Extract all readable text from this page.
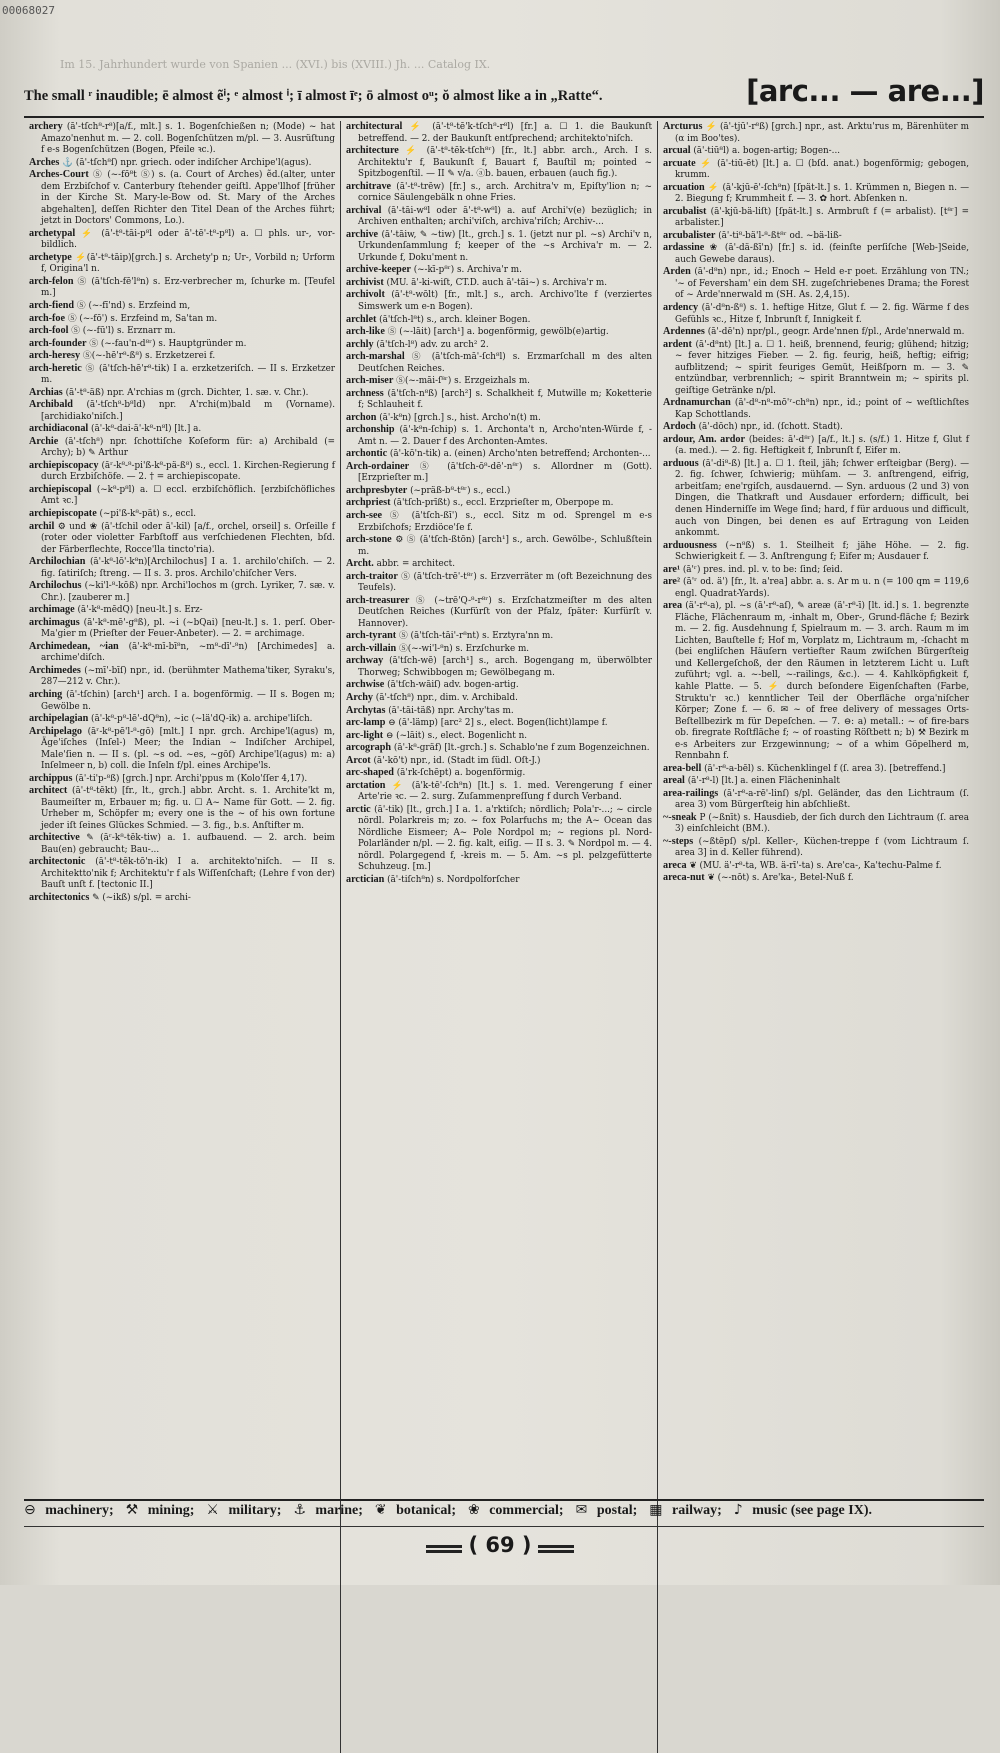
00068027
Im 15. Jahrhundert wurde von Spanien ... (XVI.) bis (XVIII.) Jh. ... Catalog IX.
The small ʳ inaudible; ē almost ẽⁱ; ᵉ almost ⁱ; ī almost īᵉ; ō almost oᵘ; ŏ almost like a in „Ratte“.	[arc... — are...]

archery (ā'-tſch⁸-r⁸)[a/f., mlt.] s. 1. Bogenſchießen n; (Mode) ~ hat Amazo'nenhut m. — 2. coll. Bogenſchützen m/pl. — 3. Ausrüſtung f e-s Bogenſchützen (Bogen, Pfeile ꝛc.).

Arches ⚓ (ā'-tſch⁸ſ) npr. griech. oder indiſcher Archipe'l(agus).

Arches-Court Ⓢ (~-fō⁸t Ⓢ) s. (a. Court of Arches) ẽd.(alter, unter dem Erzbiſchof v. Canterbury ſtehender geiſtl. Appe'llhof [früher in der Kirche St. Mary-le-Bow od. St. Mary of the Arches abgehalten], deſſen Richter den Titel Dean of the Arches führt; jetzt in Doctors' Commons, Lo.).

archetypal ⚡ (ā'-t⁸-tāi-p⁸l oder ā'-tē'-t⁸-p⁸l) a. ☐ phls. ur-, vor-bildlich.

archetype ⚡(ā'-t⁸-tāip)[grch.] s. Archety'p n; Ur-, Vorbild n; Urform f, Origina'l n.

arch-felon Ⓢ (ā'tſch-fē'l⁸n) s. Erz-verbrecher m, ſchurke m. [Teufel m.]

arch-fiend Ⓢ (~-fī'nd) s. Erzfeind m,

arch-foe Ⓢ (~-fō') s. Erzfeind m, Sa'tan m.

arch-fool Ⓢ (~-fū'l) s. Erznarr m.

arch-founder Ⓢ (~-fau'n-d⁸ʳ) s. Hauptgründer m.

arch-heresy Ⓢ(~-hē'r⁸-ß⁸) s. Erzketzerei f.

arch-heretic Ⓢ (ā'tſch-hē'r⁸-tik) I a. erzketzeriſch. — II s. Erzketzer m.

Archias (ā'-t⁸-äß) npr. A'rchias m (grch. Dichter, 1. sæ. v. Chr.).

Archibald (ā'-tſch⁸-b⁸ld) npr. A'rchi(m)bald m (Vorname). [archidiako'niſch.]

archidiaconal (ā'-k⁸-dai-ä'-k⁸-n⁸l) [lt.] a.

Archie (ā'-tſch⁸) npr. ſchottiſche Koſeform für: a) Archibald (= Archy); b) ✎ Arthur

archiepiscopacy (āʳ-k⁸-⁸-pi'ß-k⁸-pä-ß⁸) s., eccl. 1. Kirchen-Regierung f durch Erzbiſchöfe. — 2. † = archiepiscopate.

archiepiscopal (~k⁸-p⁸l) a. ☐ eccl. erzbiſchöflich. [erzbiſchöfliches Amt ꝛc.]

archiepiscopate (~pi'ß-k⁸-pät) s., eccl.

archil ⚙ und ❀ (ā'-tſchil oder ā'-kil) [a/f., orchel, orseil] s. Orſeille f (roter oder violetter Farbſtoff aus verſchiedenen Flechten, bſd. der Färberflechte, Rocce'lla tincto'ria).

Archilochian (ā'-k⁸-lō'-k⁸n)[Archilochus] I a. 1. archilo'chiſch. — 2. fig. ſatiriſch; ſtreng. — II s. 3. pros. Archilo'chiſcher Vers.

Archilochus (~ki'l-⁸-kōß) npr. Archi'lochos m (grch. Lyriker, 7. sæ. v. Chr.). [zauberer m.]

archimage (ā'-k⁸-mēdQ) [neu-lt.] s. Erz-

archimagus (ā'-k⁸-mē'-g⁸ß), pl. ~i (~bQai) [neu-lt.] s. 1. perſ. Ober-Ma'gier m (Prieſter der Feuer-Anbeter). — 2. = archimage.

Archimedean, ~ian (ā'-k⁸-mī-bī⁸n, ~m⁸-dī'-⁸n) [Archimedes] a. archime'diſch.

Archimedes (~mī'-bīſ) npr., id. (berühmter Mathema'tiker, Syraku's, 287—212 v. Chr.).

arching (ā'-tſchin) [arch¹] arch. I a. bogenförmig. — II s. Bogen m; Gewölbe n.

archipelagian (ā'-k⁸-p⁸-lē'-dQ⁸n), ~ic (~lä'dQ-ik) a. archipe'liſch.

Archipelago (āʳ-k⁸-pē'l-⁸-gō) [mlt.] I npr. grch. Archipe'l(agus) m, Äge'iſches (Inſel-) Meer; the Indian ~ Indiſcher Archipel, Male'ſien n. — II s. (pl. ~s od. ~es, ~gōſ) Archipe'l(agus) m: a) Inſelmeer n, b) coll. die Inſeln f/pl. eines Archipe'ls.

archippus (ā'-ti'p-⁸ß) [grch.] npr. Archi'ppus m (Kolo'ſſer 4,17).

architect (ā'-t⁸-tēkt) [fr., lt., grch.] abbr. Archt. s. 1. Archite'kt m, Baumeiſter m, Erbauer m; fig. u. ☐ A~ Name für Gott. — 2. fig. Urheber m, Schöpfer m; every one is the ~ of his own fortune jeder iſt ſeines Glückes Schmied. — 3. fig., b.s. Anſtifter m.

architective ✎ (āʳ-k⁸-tēk-tiw) a. 1. aufbauend. — 2. arch. beim Bau(en) gebraucht; Bau-...

architectonic (ā'-t⁸-tēk-tō'n-ik) I a. architekto'niſch. — II s. Architektto'nik f; Architektu'r f als Wiſſenſchaft; (Lehre f von der) Bauſt unſt f. [tectonic II.]

architectonics ✎ (~ikß) s/pl. = archi-

architectural ⚡ (ā'-t⁸-tē'k-tſch⁸-r⁸l) [fr.] a. ☐ 1. die Baukunſt betreffend. — 2. der Baukunſt entſprechend; architekto'niſch.

architecture ⚡ (ā'-t⁸-tēk-tſch⁸ʳ) [fr., lt.] abbr. arch., Arch. I s. Architektu'r f, Baukunſt f, Bauart f, Bauſtil m; pointed ~ Spitzbogenſtil. — II ✎ v/a. ⓐb. bauen, erbauen (auch fig.).

architrave (ā'-t⁸-trēw) [fr.] s., arch. Architra'v m, Epiſty'lion n; ~ cornice Säulengebälk n ohne Fries.

archival (ā'-tāi-w⁸l oder ā'-t⁸-w⁸l) a. auf Archi'v(e) bezüglich; in Archiven enthalten; archi'viſch, archiva'riſch; Archiv-...

archive (ā'-tāiw, ✎ ~tiw) [lt., grch.] s. 1. (jetzt nur pl. ~s) Archi'v n, Urkundenſammlung f; keeper of the ~s Archiva'r m. — 2. Urkunde f, Doku'ment n.

archive-keeper (~-kī-p⁸ʳ) s. Archiva'r m.

archivist (MU. ā'-ki-wiſt, CT.D. auch ā'-tāi~) s. Archiva'r m.

archivolt (ā'-t⁸-wōlt) [fr., mlt.] s., arch. Archivo'lte f (verziertes Simswerk um e-n Bogen).

archlet (ā'tſch-l⁸t) s., arch. kleiner Bogen.

arch-like Ⓢ (~-lāit) [arch¹] a. bogenförmig, gewölb(e)artig.

archly (ā'tſch-l⁸) adv. zu arch² 2.

arch-marshal Ⓢ (ā'tſch-mā'-ſch⁸l) s. Erzmarſchall m des alten Deutſchen Reiches.

arch-miser Ⓢ(~-māi-ſ⁸ʳ) s. Erzgeizhals m.

archness (ā'tſch-n⁸ß) [arch²] s. Schalkheit f, Mutwille m; Koketterie f; Schlauheit f.

archon (ā'-k⁸n) [grch.] s., hist. Archo'n(t) m.

archonship (ā'-k⁸n-ſchip) s. 1. Archonta't n, Archo'nten-Würde f, -Amt n. — 2. Dauer f des Archonten-Amtes.

archontic (ā'-kō'n-tik) a. (einen) Archo'nten betreffend; Archonten-...

Arch-ordainer Ⓢ (ā'tſch-ō⁸-dē'-n⁸ʳ) s. Allordner m (Gott). [Erzprieſter m.]

archpresbyter (~präß-b⁸-t⁸ʳ) s., eccl.)

archpriest (ā'tſch-prīßt) s., eccl. Erzprieſter m, Oberpope m.

arch-see Ⓢ (ā'tſch-ßī') s., eccl. Sitz m od. Sprengel m e-s Erzbiſchofs; Erzdiöce'ſe f.

arch-stone ⚙ Ⓢ (ā'tſch-ßtōn) [arch¹] s., arch. Gewölbe-, Schlußſtein m.

Archt. abbr. = architect.

arch-traitor Ⓢ (ā'tſch-trē'-t⁸ʳ) s. Erzverräter m (oft Bezeichnung des Teufels).

arch-treasurer Ⓢ (~trē'Q-⁸-r⁸ʳ) s. Erzſchatzmeiſter m des alten Deutſchen Reiches (Kurfürſt von der Pfalz, ſpäter: Kurfürſt v. Hannover).

arch-tyrant Ⓢ (ā'tſch-tāi'-r⁸nt) s. Erztyra'nn m.

arch-villain Ⓢ(~-wi'l-⁸n) s. Erzſchurke m.

archway (ā'tſch-wē) [arch¹] s., arch. Bogengang m, überwölbter Thorweg; Schwibbogen m; Gewölbegang m.

archwise (ā'tſch-wāiſ) adv. bogen-artig.

Archy (ā'-tſch⁸) npr., dim. v. Archibald.

Archytas (ā'-tāi-täß) npr. Archy'tas m.

arc-lamp ⊖ (ā'-lämp) [arc² 2] s., elect. Bogen(licht)lampe f.

arc-light ⊖ (~lāit) s., elect. Bogenlicht n.

arcograph (ā'-k⁸-gräf) [lt.-grch.] s. Schablo'ne f zum Bogenzeichnen.

Arcot (ā'-kō't) npr., id. (Stadt im ſüdl. Oſt-J.)

arc-shaped (ā'rk-ſchēpt) a. bogenförmig.

arctation ⚡ (ā'k-tē'-ſch⁸n) [lt.] s. 1. med. Verengerung f einer Arte'rie ꝛc. — 2. surg. Zuſammenpreſſung f durch Verband.

arctic (ā'-tik) [lt., grch.] I a. 1. a'rktiſch; nördlich; Pola'r-...; ~ circle nördl. Polarkreis m; zo. ~ fox Polarfuchs m; the A~ Ocean das Nördliche Eismeer; A~ Pole Nordpol m; ~ regions pl. Nord-Polarländer n/pl. — 2. fig. kalt, eiſig. — II s. 3. ✎ Nordpol m. — 4. nördl. Polargegend f, -kreis m. — 5. Am. ~s pl. pelzgefütterte Schuhzeug. [m.]

arctician (ā'-tiſch⁸n) s. Nordpolforſcher

Arcturus ⚡ (ā'-tjū'-r⁸ß) [grch.] npr., ast. Arktu'rus m, Bärenhüter m (α im Boo'tes).

arcual (ā'-tiū⁸l) a. bogen-artig; Bogen-...

arcuate ⚡ (ā'-tiū-ēt) [lt.] a. ☐ (bſd. anat.) bogenförmig; gebogen, krumm.

arcuation ⚡ (ā'-kjū-ē'-ſch⁸n) [ſpät-lt.] s. 1. Krümmen n, Biegen n. — 2. Biegung f; Krummheit f. — 3. ✿ hort. Abſenken n.

arcubalist (ā'-kjū-bä-liſt) [ſpät-lt.] s. Armbruſt f (= arbalist). [t⁸ʳ] = arbalister.]

arcubalister (ā'-ti⁸-bä'l-⁸-ßt⁸ʳ od. ~bä-liß-

ardassine ❀ (ā'-dä-ßī'n) [fr.] s. id. (feinſte perſiſche [Web-]Seide, auch Gewebe daraus).

Arden (ā'-d⁸n) npr., id.; Enoch ~ Held e-r poet. Erzählung von TN.; '~ of Feversham' ein dem SH. zugeſchriebenes Drama; the Forest of ~ Arde'nnerwald m (SH. As. 2,4,15).

ardency (ā'-d⁸n-ß⁸) s. 1. heftige Hitze, Glut f. — 2. fig. Wärme f des Gefühls ꝛc., Hitze f, Inbrunſt f, Innigkeit f.

Ardennes (ā'-dē'n) npr/pl., geogr. Arde'nnen f/pl., Arde'nnerwald m.

ardent (ā'-d⁸nt) [lt.] a. ☐ 1. heiß, brennend, feurig; glühend; hitzig; ~ fever hitziges Fieber. — 2. fig. feurig, heiß, heftig; eifrig; aufblitzend; ~ spirit feuriges Gemüt, Heißſporn m. — 3. ✎ entzündbar, verbrennlich; ~ spirit Branntwein m; ~ spirits pl. geiſtige Getränke n/pl.

Ardnamurchan (ā'-d⁸-n⁸-mō'ʳ-ch⁸n) npr., id.; point of ~ weſtlichſtes Kap Schottlands.

Ardoch (ā'-dōch) npr., id. (ſchott. Stadt).

ardour, Am. ardor (beides: ā'-d⁸ʳ) [a/f., lt.] s. (s/f.) 1. Hitze f, Glut f (a. med.). — 2. fig. Heftigkeit f, Inbrunſt f, Eifer m.

arduous (ā'-di⁸-ß) [lt.] a. ☐ 1. ſteil, jäh; ſchwer erſteigbar (Berg). — 2. fig. ſchwer, ſchwierig; mühſam. — 3. anſtrengend, eifrig, arbeitſam; ene'rgiſch, ausdauernd. — Syn. arduous (2 und 3) von Dingen, die Thatkraft und Ausdauer erfordern; difficult, bei denen Hinderniſſe im Wege ſind; hard, f für arduous und difficult, auch von Dingen, bei denen es auf Ertragung von Leiden ankommt.

arduousness (~n⁸ß) s. 1. Steilheit f; jähe Höhe. — 2. fig. Schwierigkeit f. — 3. Anſtrengung f; Eifer m; Ausdauer f.

are¹ (ā'ʳ) pres. ind. pl. v. to be: ſind; ſeid.

are² (ā'ʳ od. ä') [fr., lt. a'rea] abbr. a. s. Ar m u. n (= 100 qm = 119,6 engl. Quadrat-Yards).

area (ä'-r⁸-a), pl. ~s (ā'-r⁸-aſ), ✎ areæ (ä'-r⁸-ī) [lt. id.] s. 1. begrenzte Fläche, Flächenraum m, -inhalt m, Ober-, Grund-fläche f; Bezirk m. — 2. fig. Ausdehnung f, Spielraum m. — 3. arch. Raum m im Lichten, Bauſtelle f; Hof m, Vorplatz m, Lichtraum m, -ſchacht m (bei engliſchen Häuſern vertiefter Raum zwiſchen Bürgerſteig und Kellergeſchoß, der den Räumen in letzterem Licht u. Luft zuführt; vgl. a. ~-bell, ~-railings, &c.). — 4. Kahlköpfigkeit f, kahle Platte. — 5. ⚡ durch beſondere Eigenſchaften (Farbe, Struktu'r ꝛc.) kenntlicher Teil der Oberfläche orga'niſcher Körper; Zone f. — 6. ✉ ~ of free delivery of messages Orts-Beſtellbezirk m für Depeſchen. — 7. ⊖: a) metall.: ~ of fire-bars ob. firegrate Roſtfläche f; ~ of roasting Röſtbett n; b) ⚒ Bezirk m e-s Arbeiters zur Erzgewinnung; ~ of a whim Göpelherd m, Rennbahn f.

area-bell (ā'-r⁸-a-bēl) s. Küchenklingel f (ſ. area 3). [betreffend.]

areal (ā'-r⁸-l) [lt.] a. einen Flächeninhalt

area-railings (ā'-r⁸-a-rē'-linſ) s/pl. Geländer, das den Lichtraum (ſ. area 3) vom Bürgerſteig hin abſchließt.

~-sneak P (~ßnīt) s. Hausdieb, der ſich durch den Lichtraum (ſ. area 3) einſchleicht (BM.).

~-steps (~ßtēpſ) s/pl. Keller-, Küchen-treppe f (vom Lichtraum ſ. area 3] in d. Keller führend).

areca ❦ (MU. ä'-r⁸-ta, WB. ä-rī'-ta) s. Are'ca-, Ka'techu-Palme f.

areca-nut ❦ (~-nōt) s. Are'ka-, Betel-Nuß f.

⊖ machinery; ⚒ mining; ⚔ military; ⚓ marine; ❦ botanical; ❀ commercial; ✉ postal; ▦ railway; ♪ music (see page IX).
( 69 )
